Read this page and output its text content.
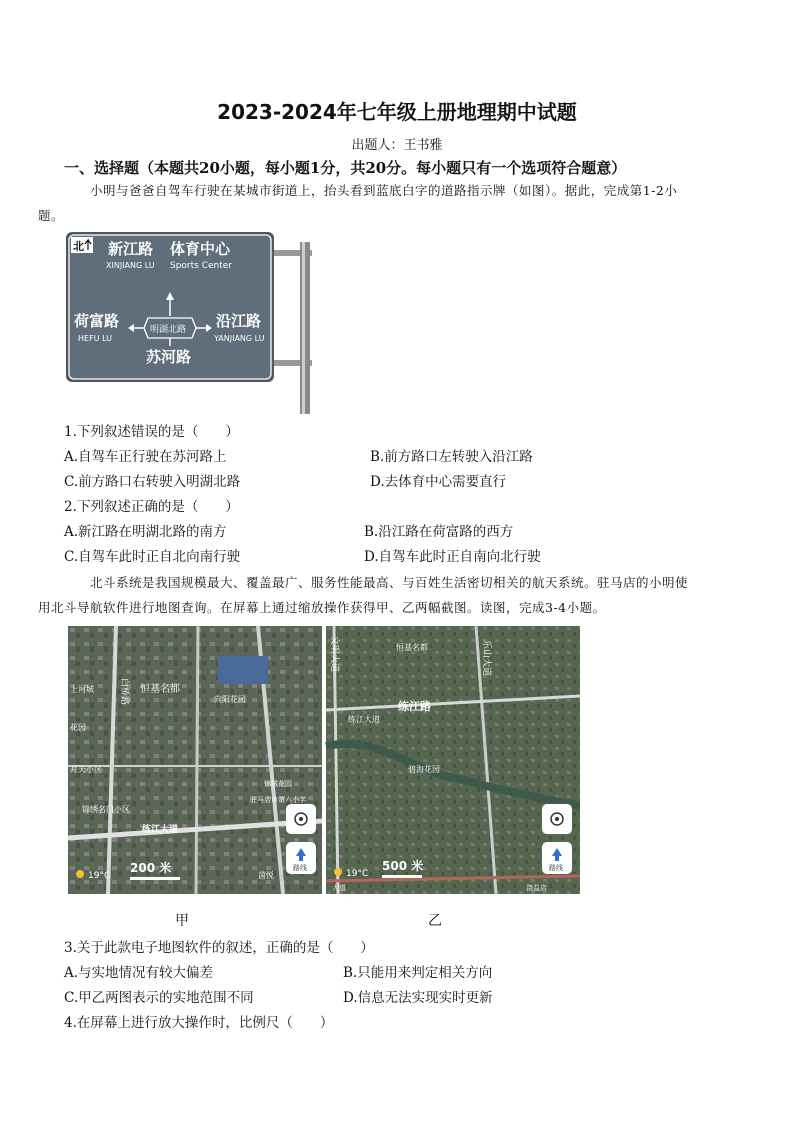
2023-2024年七年级上册地理期中试题
出题人：王书雅
一、选择题（本题共20小题，每小题1分，共20分。每小题只有一个选项符合题意）
小明与爸爸自驾车行驶在某城市街道上，抬头看到蓝底白字的道路指示牌（如图）。据此，完成第1-2小
题。
北 新江路
XINJIANG LU
体育中心
Sports Center
明湖北路
荷富路
HEFU LU
沿江路
YANJIANG LU
苏河路
1.下列叙述错误的是（　　）
A.自驾车正行驶在苏河路上	B.前方路口左转驶入沿江路
C.前方路口右转驶入明湖北路	D.去体育中心需要直行
2.下列叙述正确的是（　　）
A.新江路在明湖北路的南方	B.沿江路在荷富路的西方
C.自驾车此时正自北向南行驶	D.自驾车此时正自南向北行驶
北斗系统是我国规模最大、覆盖最广、服务性能最高、与百姓生活密切相关的航天系统。驻马店的小明使
用北斗导航软件进行地图查询。在屏幕上通过缩放操作获得甲、乙两幅截图。读图，完成3-4小题。
上河城	白桥路 恒基名都
向阳花园
花园
月天小区
锦绣名门小区
驻马店市第六小学
锦城花园
练江大道
茵悦
200 米
19°C
路线
文明大道	恒基名都	乐山大道
练江路
练江大道
碧海花园
饶益店
大道
500 米
19°C
路线
甲	乙
3.关于此款电子地图软件的叙述，正确的是（　　）
A.与实地情况有较大偏差	B.只能用来判定相关方向
C.甲乙两图表示的实地范围不同	D.信息无法实现实时更新
4.在屏幕上进行放大操作时，比例尺（　　）
